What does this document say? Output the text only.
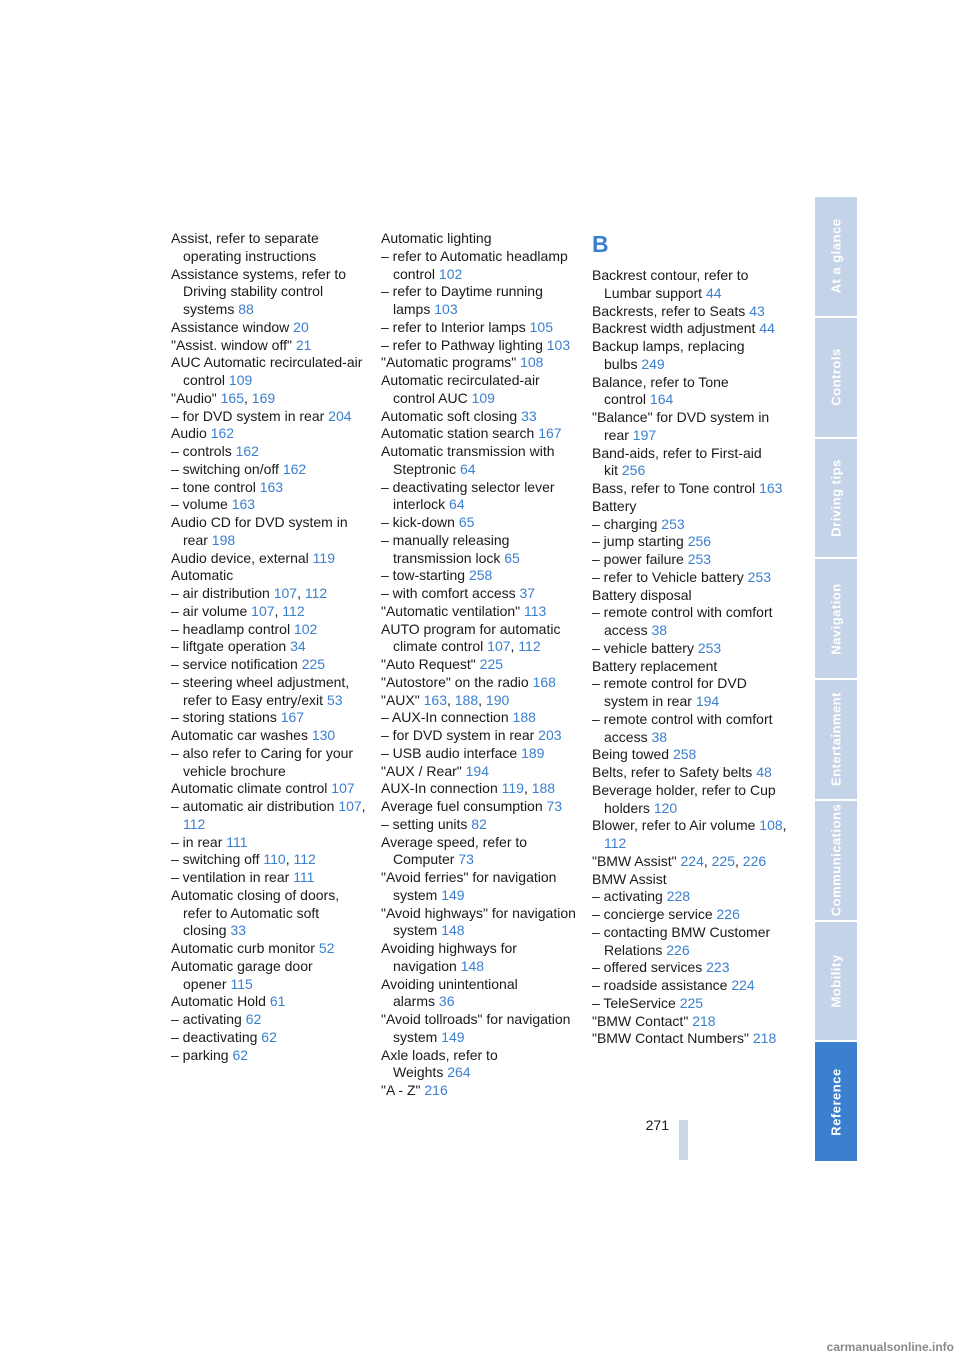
Assist, refer to separate operating instructions
Assistance systems, refer to Driving stability control systems 88
Assistance window 20
"Assist. window off" 21
AUC Automatic recirculated-air control 109
"Audio" 165, 169
– for DVD system in rear 204
Audio 162
– controls 162
– switching on/off 162
– tone control 163
– volume 163
Audio CD for DVD system in rear 198
Audio device, external 119
Automatic
– air distribution 107, 112
– air volume 107, 112
– headlamp control 102
– liftgate operation 34
– service notification 225
– steering wheel adjustment, refer to Easy entry/exit 53
– storing stations 167
Automatic car washes 130
– also refer to Caring for your vehicle brochure
Automatic climate control 107
– automatic air distribution 107, 112
– in rear 111
– switching off 110, 112
– ventilation in rear 111
Automatic closing of doors, refer to Automatic soft closing 33
Automatic curb monitor 52
Automatic garage door opener 115
Automatic Hold 61
– activating 62
– deactivating 62
– parking 62
Automatic lighting
– refer to Automatic headlamp control 102
– refer to Daytime running lamps 103
– refer to Interior lamps 105
– refer to Pathway lighting 103
"Automatic programs" 108
Automatic recirculated-air control AUC 109
Automatic soft closing 33
Automatic station search 167
Automatic transmission with Steptronic 64
– deactivating selector lever interlock 64
– kick-down 65
– manually releasing transmission lock 65
– tow-starting 258
– with comfort access 37
"Automatic ventilation" 113
AUTO program for automatic climate control 107, 112
"Auto Request" 225
"Autostore" on the radio 168
"AUX" 163, 188, 190
– AUX-In connection 188
– for DVD system in rear 203
– USB audio interface 189
"AUX / Rear" 194
AUX-In connection 119, 188
Average fuel consumption 73
– setting units 82
Average speed, refer to Computer 73
"Avoid ferries" for navigation system 149
"Avoid highways" for navigation system 148
Avoiding highways for navigation 148
Avoiding unintentional alarms 36
"Avoid tollroads" for navigation system 149
Axle loads, refer to Weights 264
"A - Z" 216
B
Backrest contour, refer to Lumbar support 44
Backrests, refer to Seats 43
Backrest width adjustment 44
Backup lamps, replacing bulbs 249
Balance, refer to Tone control 164
"Balance" for DVD system in rear 197
Band-aids, refer to First-aid kit 256
Bass, refer to Tone control 163
Battery
– charging 253
– jump starting 256
– power failure 253
– refer to Vehicle battery 253
Battery disposal
– remote control with comfort access 38
– vehicle battery 253
Battery replacement
– remote control for DVD system in rear 194
– remote control with comfort access 38
Being towed 258
Belts, refer to Safety belts 48
Beverage holder, refer to Cup holders 120
Blower, refer to Air volume 108, 112
"BMW Assist" 224, 225, 226
BMW Assist
– activating 228
– concierge service 226
– contacting BMW Customer Relations 226
– offered services 223
– roadside assistance 224
– TeleService 225
"BMW Contact" 218
"BMW Contact Numbers" 218
271
At a glance
Controls
Driving tips
Navigation
Entertainment
Communications
Mobility
Reference
carmanualsonline.info
